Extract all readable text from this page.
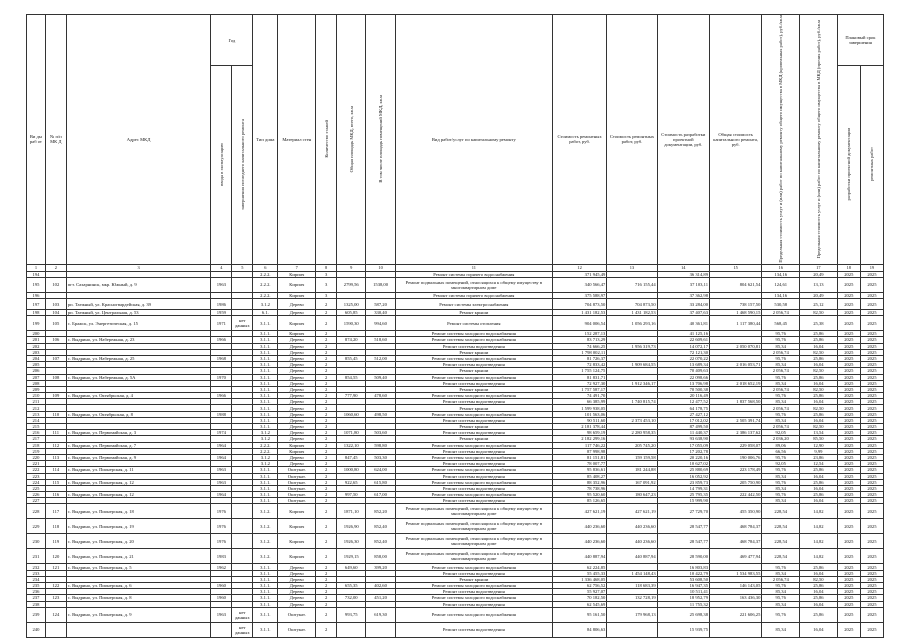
Ви ды раб от	№ п/п МК Д	Адрес МКД	Год		Тип дома	Материал стен	Количество этажей	Общая площадь МКД, всего, кв.м	В том числе площадь помещений МКД, кв.м	Вид работ/услуг по капитальному ремонту	Стоимость ремонтных работ, руб.	Стоимость ремонтных работ, руб.	Стоимость разработки проектной документации, руб.	Общая стоимость капитального ремонта, руб.	Предельная стоимость услуг и (или) работ по капитальному ремонту общего имущества в МКД (кровельных работ), руб./кв.м	Предельная стоимость услуг и (или) работ по капитальному ремонту общего имущества в МКД (прочих работ), руб./кв.м	Плановый срок завершения	
			ввода в эксплуатацию	завершения последнего капитального ремонта													разработки проектной документации	ремонтных работ
1	2	3	4	5	6	7	8	9	10	11	12	13	14	15	16	17	18	19
194					2.2.2.	Кирпич	3			Ремонт системы горячего водоснабжения	371 945,49		36 314,89		134,16	20,49	2025	2025
195	102	пгт. Сахарнинск, мкр. Южный, д. 9	1963		2.2.2.	Кирпич	3	2799,56	1538,00	Ремонт подвальных помещений, относящихся к общему имуществу в многоквартирном доме	340 566,47	716 155,44	37 103,11	804 621,54	124,61	13,13	2025	2025
196					2.2.2.	Кирпич	3			Ремонт системы горячего водоснабжения	375 588,97		37 362,98		134,16	20,49	2025	2025
197	103	рп. Таежный, ул. Красногвардейская, д. 39	1986		3.1.2	Дерево	2	1325,00	587,20	Ремонт системы электроснабжения	704 873,50	704 873,50	33 284,00	738 157,50	530,58	25,12	2025	2025
198	104	рп. Таежный, ул. Центральная, д. 53	1959		6.1.	Дерево	2	605,85	330,40	Ремонт крыши	1 431 182,53	1 431 182,53	37 407,63	1 468 590,15	2 056,74	82,50	2025	2025
199	105	с. Бражск, ул. Энергетическая, д. 15	1971	нет данных	3.1.1.	Кирпич	2	1590,30	994,60	Ремонт системы отопления	904 006,54	1 056 293,16	40 361,81	1 117 380,44	568,45	25,38	2025	2025
200					3.1.1.	Кирпич	2			Ремонт системы холодного водоснабжения	152 287,13		41 125,16		95,76	25,86	2025	2025
201	106	с. Выдрино, ул. Набережная, д. 23	1966		3.1.1.	Дерево	2	874,20	518,60	Ремонт системы холодного водоснабжения	83 713,29		22 609,61		95,76	25,86	2025	2025
202					3.1.1.	Дерево	2			Ремонт системы водоотведения	74 666,25	1 956 319,73	14 072,17	2 050 070,81	85,34	16,04	2025	2025
203					3.1.1.	Дерево	2			Ремонт крыши	1 798 002,11		72 121,30		2 056,74	82,50	2025	2025
204	107	с. Выдрино, ул. Набережная, д. 25	1968		3.1.1.	Дерево	2	855,45	512,00	Ремонт системы холодного водоснабжения	81 726,37		22 070,22		95,76	25,86	2025	2025
205					3.1.1.	Дерево	2			Ремонт системы водоотведения	72 833,42	1 909 684,55	13 689,34	2 016 053,71	85,34	16,04	2025	2025
206					3.1.1.	Дерево	2			Ремонт крыши	1 755 124,75		70 409,63		2 056,74	82,50	2025	2025
207	108	с. Выдрино, ул. Набережная, д. 5А	1970		3.1.1.	Дерево	2	854,55	509,40	Ремонт системы холодного водоснабжения	81 831,71		22 098,66		95,76	25,86	2025	2025
208					3.1.1.	Дерево	2			Ремонт системы водоотведения	72 927,30	1 912 346,17	13 706,98	2 018 652,19	85,34	16,04	2025	2025
209					3.1.1.	Дерево	2			Ремонт крыши	1 757 587,17		70 500,38		2 056,74	82,50	2025	2025
210	109	с. Выдрино, ул. Октябрьская, д. 4	1966		3.1.1.	Дерево	2	777,90	478,60	Ремонт системы холодного водоснабжения	74 491,70		20 116,49		95,76	25,86	2025	2025
211					3.1.1.	Дерево	2			Ремонт системы водоотведения	66 385,99	1 740 815,74	12 477,52	1 837 568,50	85,34	16,04	2025	2025
212					3.1.1.	Дерево	2			Ремонт крыши	1 599 938,05		64 178,75		2 056,74	82,50	2025	2025
213	110	с. Выдрино, ул. Октябрьская, д. 8	1988		3.1.1.	Дерево	2	1060,60	498,50	Ремонт системы холодного водоснабжения	101 563,06		27 427,12		95,76	25,86	2025	2025
214					3.1.1.	Дерево	2			Ремонт системы водоотведения	90 511,60	2 373 453,10	17 012,02	2 505 391,74	85,34	16,04	2025	2025
215					3.1.1.	Дерево	2			Ремонт крыши	2 181 378,44		87 499,50		2 056,74	82,50	2025	2025
216	111	с. Выдрино, ул. Первомайская, д. 3	1974		3.1.2	Дерево	2	1071,80	503,60	Ремонт системы водоотведения	98 659,19	2 280 958,35	11 440,37	2 386 137,62	92,05	13,54	2025	2025
217					3.1.2	Дерево	2			Ремонт крыши	2 182 299,16		93 638,90		2 036,20	85,50	2025	2025
218	112	с. Выдрино, ул. Первомайская, д. 7	1964		2.2.2.	Кирпич	2	1322,10	598,80	Ремонт системы холодного водоснабжения	117 746,22	205 745,20	17 055,09	229 058,07	89,06	12,90	2025	2025
219					2.2.2.	Кирпич	2			Ремонт системы водоотведения	87 998,98		17 202,78		66,56	9,99	2025	2025
220	113	с. Выдрино, ул. Первомайская, д. 9	1964		3.1.2	Дерево	2	847,45	503,30	Ремонт системы холодного водоснабжения	81 151,81	159 159,58	20 220,16	190 006,76	95,76	23,86	2025	2025
221					3.1.2	Дерево	2			Ремонт системы водоотведения	78 007,77		10 627,02		92,05	12,54	2025	2025
222	114	с. Выдрино, ул. Пионерская, д. 11	1963		3.1.1.	Оштукат.	2	1000,80	624,00	Ремонт системы холодного водоснабжения	95 836,61	181 244,88	25 880,69	223 178,49	95,76	25,86	2025	2025
223					3.1.1.	Оштукат.	2			Ремонт системы водоотведения	85 408,27		16 052,92		85,34	16,04	2025	2025
224	115	с. Выдрино, ул. Пионерская, д. 12	1963		3.1.1.	Оштукат.	2	922,65	615,80	Ремонт системы холодного водоснабжения	88 352,96	167 091,92	23 859,73	205 750,90	95,76	25,86	2025	2025
225					3.1.1.	Оштукат.	2			Ремонт системы водоотведения	78 738,96		14 799,31		85,34	16,04	2025	2025
226	116	с. Выдрино, ул. Пионерская, д. 12	1964		3.1.1.	Оштукат.	2	997,50	617,00	Ремонт системы холодного водоснабжения	95 520,60	180 647,23	25 795,35	222 442,50	95,76	25,86	2025	2025
227					3.1.1.	Оштукат.	2			Ремонт системы водоотведения	85 126,65		15 999,90		85,34	16,04	2025	2025
228	117	с. Выдрино, ул. Пионерская, д. 18	1976		3.1.2.	Кирпич	2	1871,10	852,20	Ремонт подвальных помещений, относящихся к общему имуществу в многоквартирном доме	427 621,19	427 621,19	27 729,70	455 350,90	228,54	14,82	2025	2025
229	118	с. Выдрино, ул. Пионерская, д. 19	1976		3.1.2.	Кирпич	2	1926,90	852,40	Ремонт подвальных помещений, относящихся к общему имуществу в многоквартирном доме	440 236,60	440 236,60	28 547,77	468 784,37	228,54	14,82	2025	2025
230	119	с. Выдрино, ул. Пионерская, д. 20	1976		3.1.2.	Кирпич	2	1926,30	852,40	Ремонт подвальных помещений, относящихся к общему имуществу в многоквартирном доме	440 236,60	440 236,60	28 547,77	468 784,37	228,54	14,82	2025	2025
231	120	с. Выдрино, ул. Пионерская, д. 21	1983		3.1.2.	Кирпич	2	1929,15	858,00	Ремонт подвальных помещений, относящихся к общему имуществу в многоквартирном доме	440 887,94	440 887,94	28 590,00	469 477,94	228,54	14,82	2025	2025
232	121	с. Выдрино, ул. Пионерская, д. 5	1962		3.1.1.	Дерево	2	649,60	399,20	Ремонт системы холодного водоснабжения	62 224,85		16 803,83		95,76	25,86	2025	2025
233					3.1.1.	Дерево	2			Ремонт системы водоотведения	55 455,33	1 454 148,43	10 422,79	1 534 983,55	85,34	16,04	2025	2025
234					3.1.1.	Дерево	2			Ремонт крыши	1 336 468,05		53 608,50		2 056,74	82,50	2025	2025
235	122	с. Выдрино, ул. Пионерская, д. 6	1960		3.1.1.	Дерево	2	655,35	402,60	Ремонт системы холодного водоснабжения	62 756,52	118 683,39	16 947,35	146 143,05	95,76	25,86	2025	2025
236					3.1.1.	Дерево	2			Ремонт системы водоотведения	55 927,07		10 511,41		85,34	16,04	2025	2025
237	123	с. Выдрино, ул. Пионерская, д. 8	1960		3.1.1.	Дерево	2	732,00	451,20	Ремонт системы холодного водоснабжения	70 182,50	132 728,19	18 952,79	163 436,30	95,76	25,86	2025	2025
238					3.1.1.	Дерево	2			Ремонт системы водоотведения	62 545,69		11 755,32		85,34	16,04	2025	2025
239	124	с. Выдрино, ул. Пионерская, д. 9	1963	нет данных	3.1.1.	Оштукат.	2	993,75	619,30	Ремонт системы холодного водоснабжения	95 161,50	179 968,13	25 698,38	221 606,25	95,76	25,86	2025	2025
240				нет данных	3.1.1.	Оштукат.	2			Ремонт системы водоотведения	84 806,63		15 939,75		85,34	16,04	2025	2025
